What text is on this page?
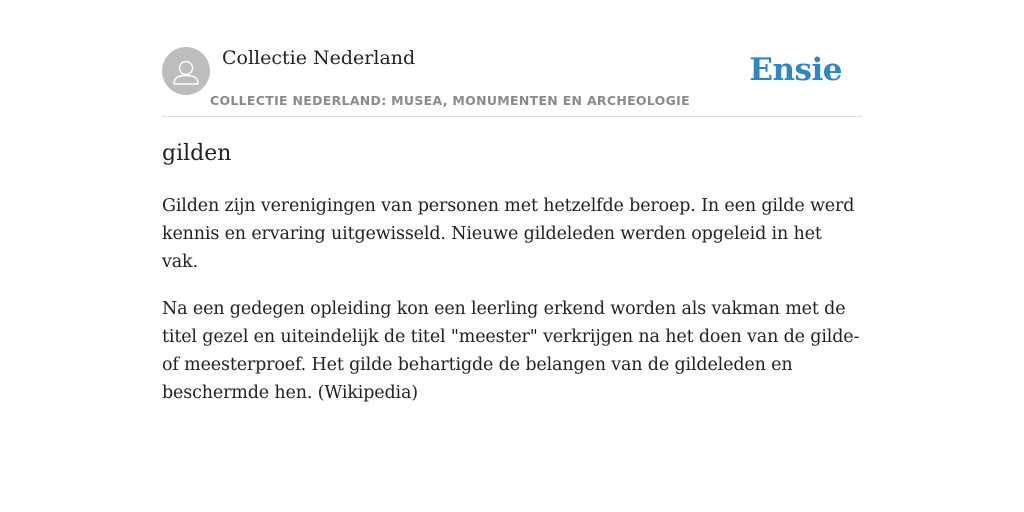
Collectie Nederland
COLLECTIE NEDERLAND: MUSEA, MONUMENTEN EN ARCHEOLOGIE
Ensie
gilden

Gilden zijn verenigingen van personen met hetzelfde beroep. In een gilde werd kennis en ervaring uitgewisseld. Nieuwe gildeleden werden opgeleid in het vak.

Na een gedegen opleiding kon een leerling erkend worden als vakman met de titel gezel en uiteindelijk de titel "meester" verkrijgen na het doen van de gilde- of meesterproef. Het gilde behartigde de belangen van de gildeleden en beschermde hen. (Wikipedia)
